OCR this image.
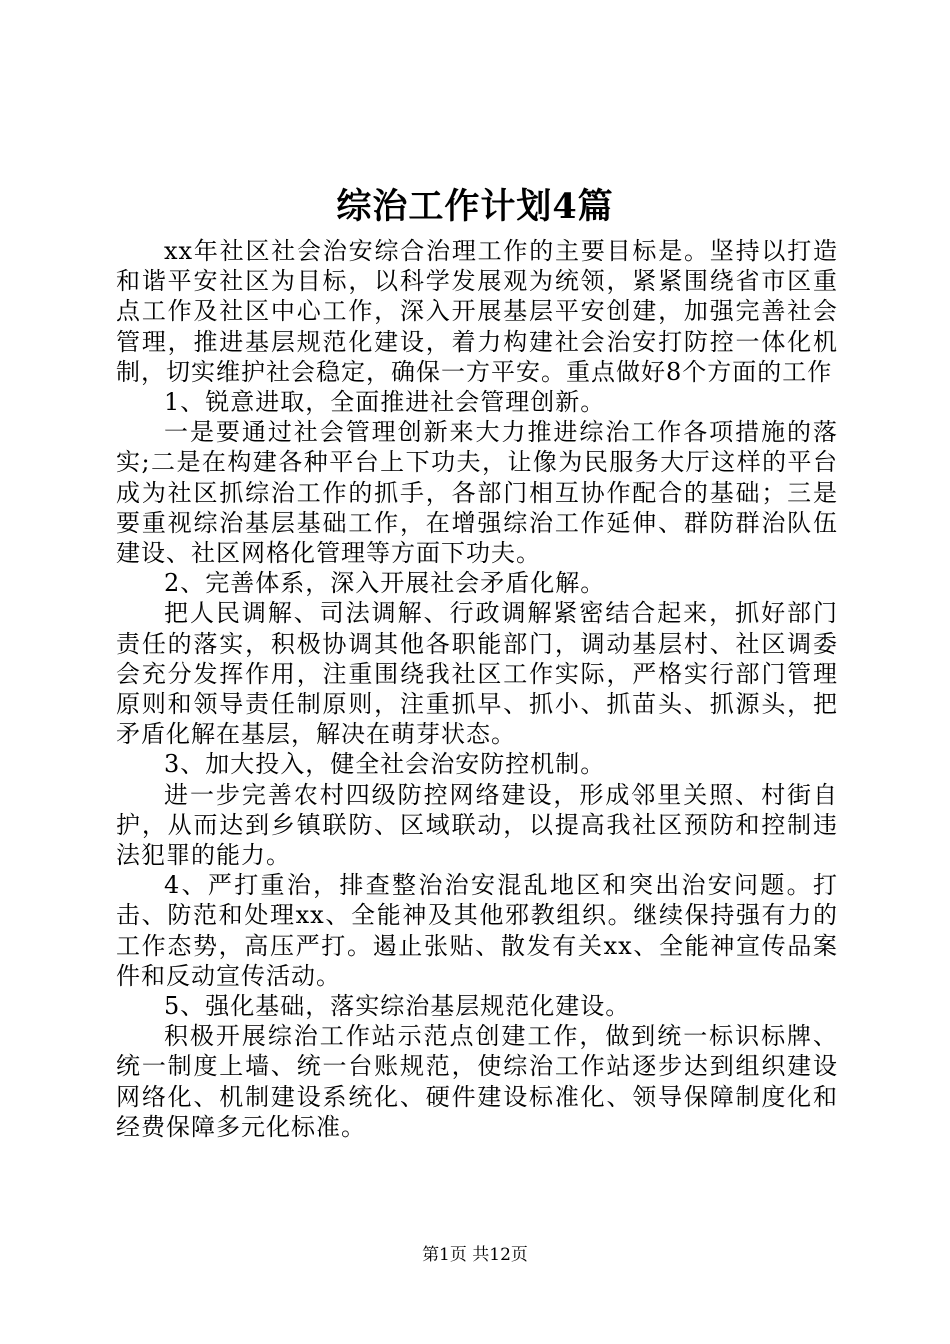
综治工作计划4篇

xx年社区社会治安综合治理工作的主要目标是。坚持以打造和谐平安社区为目标，以科学发展观为统领，紧紧围绕省市区重点工作及社区中心工作，深入开展基层平安创建，加强完善社会管理，推进基层规范化建设，着力构建社会治安打防控一体化机制，切实维护社会稳定，确保一方平安。重点做好8个方面的工作

1、锐意进取，全面推进社会管理创新。

一是要通过社会管理创新来大力推进综治工作各项措施的落实;二是在构建各种平台上下功夫，让像为民服务大厅这样的平台成为社区抓综治工作的抓手，各部门相互协作配合的基础；三是要重视综治基层基础工作，在增强综治工作延伸、群防群治队伍建设、社区网格化管理等方面下功夫。

2、完善体系，深入开展社会矛盾化解。

把人民调解、司法调解、行政调解紧密结合起来，抓好部门责任的落实，积极协调其他各职能部门，调动基层村、社区调委会充分发挥作用，注重围绕我社区工作实际，严格实行部门管理原则和领导责任制原则，注重抓早、抓小、抓苗头、抓源头，把矛盾化解在基层，解决在萌芽状态。

3、加大投入，健全社会治安防控机制。

进一步完善农村四级防控网络建设，形成邻里关照、村街自护，从而达到乡镇联防、区域联动，以提高我社区预防和控制违法犯罪的能力。

4、严打重治，排查整治治安混乱地区和突出治安问题。打击、防范和处理xx、全能神及其他邪教组织。继续保持强有力的工作态势，高压严打。遏止张贴、散发有关xx、全能神宣传品案件和反动宣传活动。

5、强化基础，落实综治基层规范化建设。

积极开展综治工作站示范点创建工作，做到统一标识标牌、统一制度上墙、统一台账规范，使综治工作站逐步达到组织建设网络化、机制建设系统化、硬件建设标准化、领导保障制度化和经费保障多元化标准。

第1页 共12页
